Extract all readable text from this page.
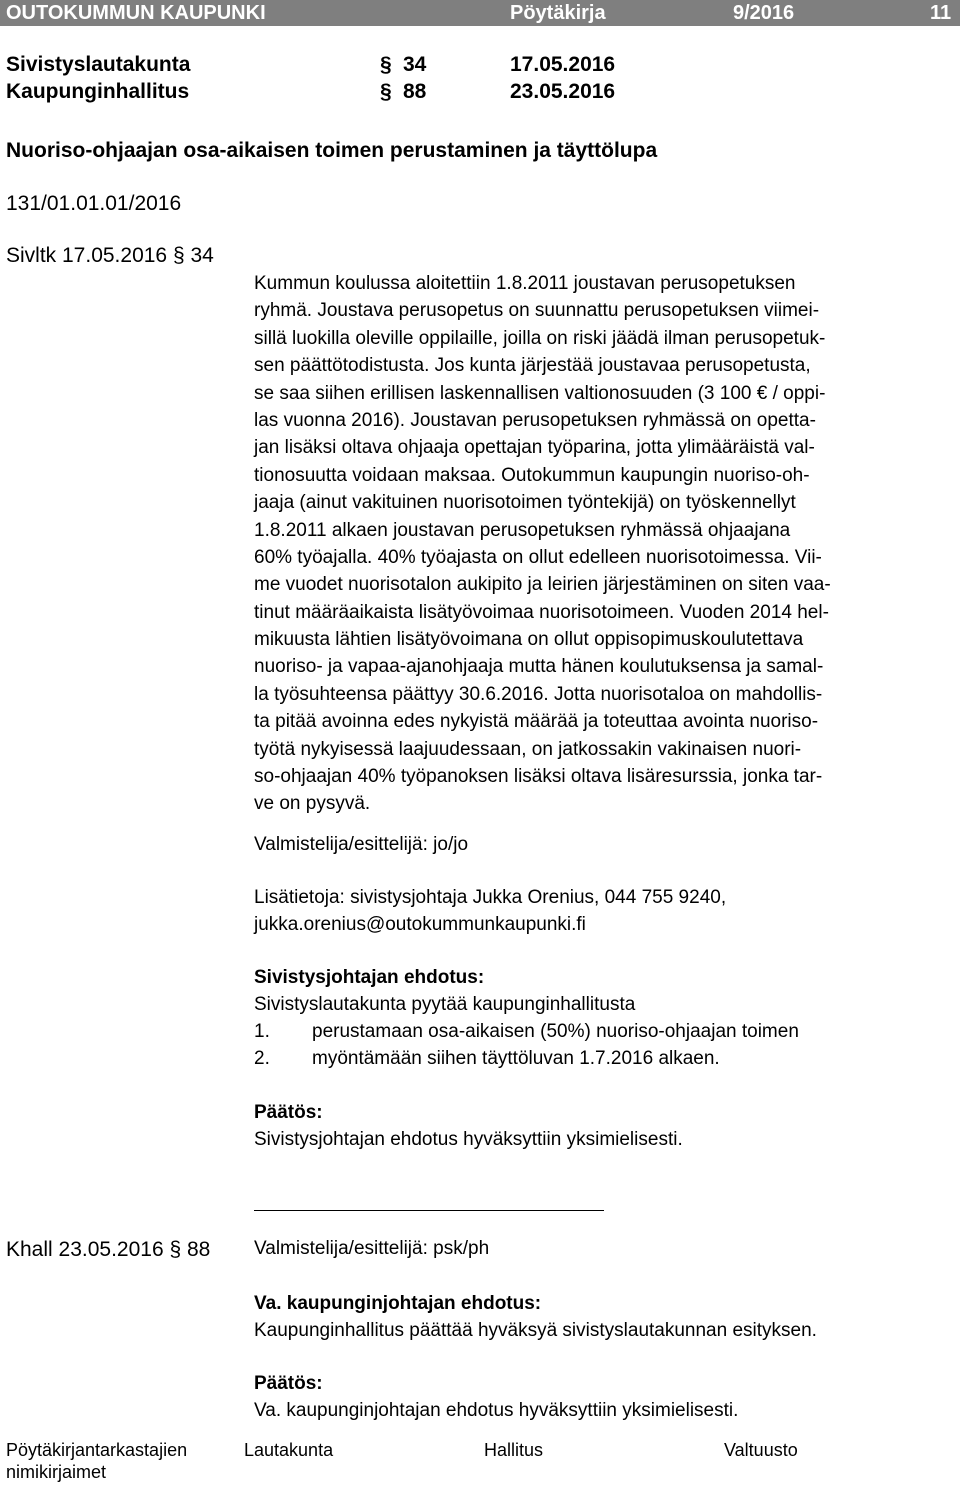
OUTOKUMMUN KAUPUNKI	Pöytäkirja	9/2016	11
Sivistyslautakunta	§ 34	17.05.2016
Kaupunginhallitus	§ 88	23.05.2016
Nuoriso-ohjaajan osa-aikaisen toimen perustaminen ja täyttölupa
131/01.01.01/2016
Sivltk 17.05.2016 § 34
Kummun koulussa aloitettiin 1.8.2011 joustavan perusopetuksen
ryhmä. Joustava perusopetus on suunnattu perusopetuksen viimei-
sillä luokilla oleville oppilaille, joilla on riski jäädä ilman perusopetuk-
sen päättötodistusta. Jos kunta järjestää joustavaa perusopetusta,
se saa siihen erillisen laskennallisen valtionosuuden (3 100 € / oppi-
las vuonna 2016). Joustavan perusopetuksen ryhmässä on opetta-
jan lisäksi oltava ohjaaja opettajan työparina, jotta ylimääräistä val-
tionosuutta voidaan maksaa. Outokummun kaupungin nuoriso-oh-
jaaja (ainut vakituinen nuorisotoimen työntekijä) on työskennellyt
1.8.2011 alkaen joustavan perusopetuksen ryhmässä ohjaajana
60% työajalla. 40% työajasta on ollut edelleen nuorisotoimessa. Vii-
me vuodet nuorisotalon aukipito ja leirien järjestäminen on siten vaa-
tinut määräaikaista lisätyövoimaa nuorisotoimeen. Vuoden 2014 hel-
mikuusta lähtien lisätyövoimana on ollut oppisopimuskoulutettava
nuoriso- ja vapaa-ajanohjaaja mutta hänen koulutuksensa ja samal-
la työsuhteensa päättyy 30.6.2016. Jotta nuorisotaloa on mahdollis-
ta pitää avoinna edes nykyistä määrää ja toteuttaa avointa nuoriso-
työtä nykyisessä laajuudessaan, on jatkossakin vakinaisen nuori-
so-ohjaajan 40% työpanoksen lisäksi oltava lisäresurssia, jonka tar-
ve on pysyvä.
Valmistelija/esittelijä: jo/jo
Lisätietoja: sivistysjohtaja Jukka Orenius, 044 755 9240,
jukka.orenius@outokummunkaupunki.fi
Sivistysjohtajan ehdotus:
Sivistyslautakunta pyytää kaupunginhallitusta
1. perustamaan osa-aikaisen (50%) nuoriso-ohjaajan toimen
2. myöntämään siihen täyttöluvan 1.7.2016 alkaen.
Päätös:
Sivistysjohtajan ehdotus hyväksyttiin yksimielisesti.
Khall 23.05.2016 § 88 Valmistelija/esittelijä: psk/ph
Va. kaupunginjohtajan ehdotus:
Kaupunginhallitus päättää hyväksyä sivistyslautakunnan esityksen.
Päätös:
Va. kaupunginjohtajan ehdotus hyväksyttiin yksimielisesti.
Pöytäkirjantarkastajien
nimikirjaimet
Lautakunta	Hallitus	Valtuusto
